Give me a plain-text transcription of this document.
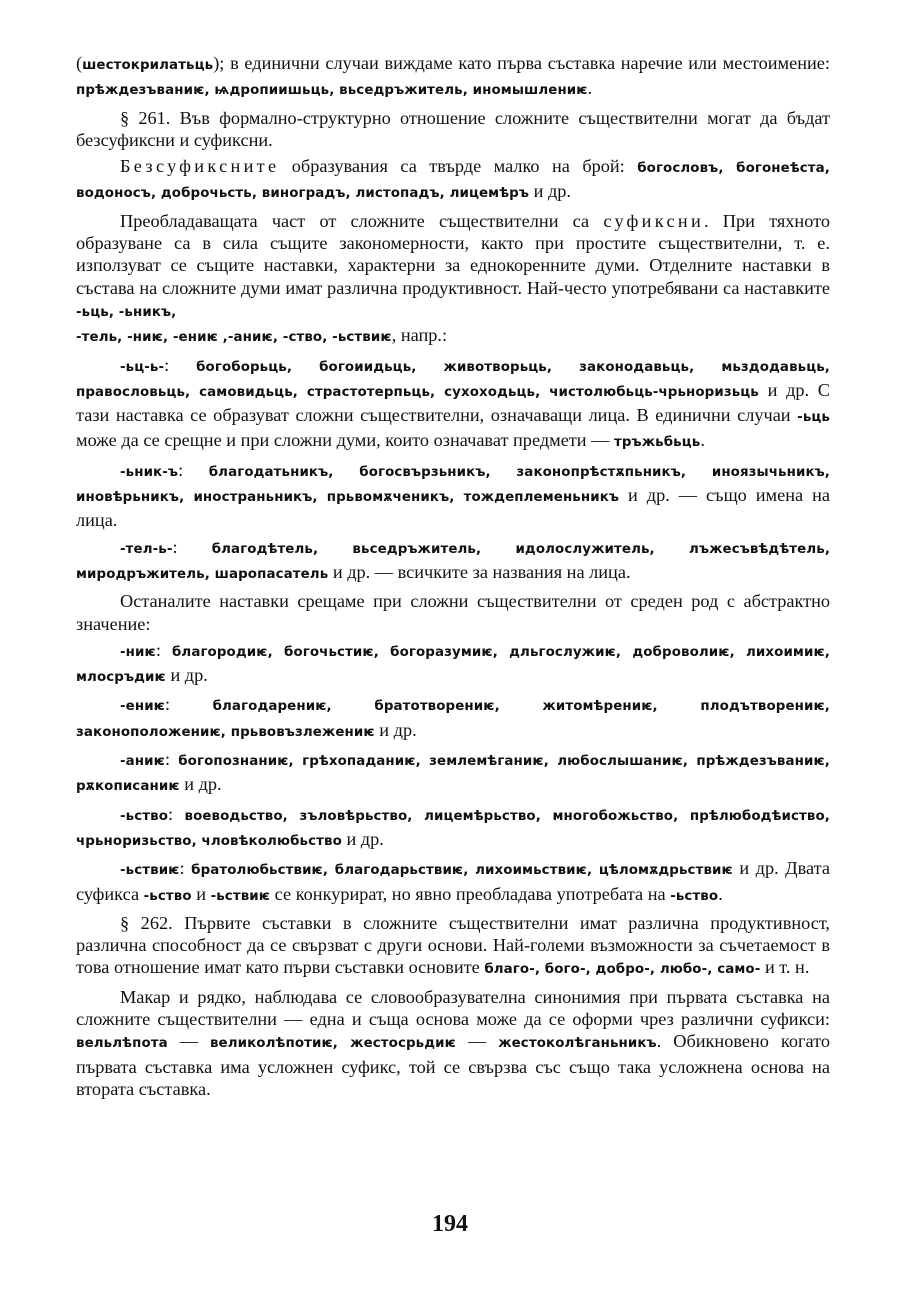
(шестокрилатьць); в единични случаи виждаме като първа съставка наречие или местоимение: прѣждезъваниѥ, ѩдропиишьць, вьседръжитель, иномышлениѥ.

§ 261. Във формално-структурно отношение сложните съществителни могат да бъдат безсуфиксни и суфиксни.

Безсуфиксните образувания са твърде малко на брой: богословъ, богонеѣста, водоносъ, доброчьсть, виноградъ, листопадъ, лицемѣръ и др.

Преобладаващата част от сложните съществителни са суфиксни. При тяхното образуване са в сила същите закономерности, както при простите съществителни, т. е. използуват се същите наставки, характерни за еднокоренните думи. Отделните наставки в състава на сложните думи имат различна продуктивност. Най-често употребявани са наставките -ьць, -ьникъ,
-тель, -ниѥ, -ениѥ ,-аниѥ, -ство, -ьствиѥ, напр.:

-ьц-ь-: богоборьць, богоиидьць, животворьць, законодавьць, мьздодавьць, правословьць, самовидьць, страстотерпьць, сухоходьць, чистолюбьць-чрьноризьць и др. С тази наставка се образуват сложни съществителни, означаващи лица. В единични случаи -ьць може да се срещне и при сложни думи, които означават предмети — тръжьбьць.

-ьник-ъ: благодатьникъ, богосвързьникъ, законопрѣстѫпьникъ, иноязычьникъ, иновѣрьникъ, иностраньникъ, прьвомѫченикъ, тождеплеменьникъ и др. — също имена на лица.

-тел-ь-: благодѣтель, вьседръжитель, идолослужитель, лъжесъвѣдѣтель, миродръжитель, шаропасатель и др. — всичките за названия на лица.

Останалите наставки срещаме при сложни съществителни от среден род с абстрактно значение:

-ниѥ: благородиѥ, богочьстиѥ, богоразумиѥ, дльгослужиѥ, доброволиѥ, лихоимиѥ, млосръдиѥ и др.

-ениѥ: благодарениѥ, братотворениѥ, житомѣрениѥ, плодътворениѥ, законоположениѥ, прьвовъзлежениѥ и др.

-аниѥ: богопознаниѥ, грѣхопаданиѥ, землемѣганиѥ, любослышаниѥ, прѣждезъваниѥ, рѫкописаниѥ и др.

-ьство: воеводьство, зъловѣрьство, лицемѣрьство, многобожьство, прѣлюбодѣиство, чрьноризьство, чловѣколюбьство и др.

-ьствиѥ: братолюбьствиѥ, благодарьствиѥ, лихоимьствиѥ, цѣломѫдрьствиѥ и др. Двата суфикса -ьство и -ьствиѥ се конкурират, но явно преобладава употребата на -ьство.

§ 262. Първите съставки в сложните съществителни имат различна продуктивност, различна способност да се свързват с други основи. Най-големи възможности за съчетаемост в това отношение имат като първи съставки основите благо-, бого-, добро-, любо-, само- и т. н.

Макар и рядко, наблюдава се словообразувателна синонимия при първата съставка на сложните съществителни — една и съща основа може да се оформи чрез различни суфикси: вельлѣпота — великолѣпотиѥ, жестосрьдиѥ — жестоколѣганьникъ. Обикновено когато първата съставка има усложнен суфикс, той се свързва със също така усложнена основа на втората съставка.

194
